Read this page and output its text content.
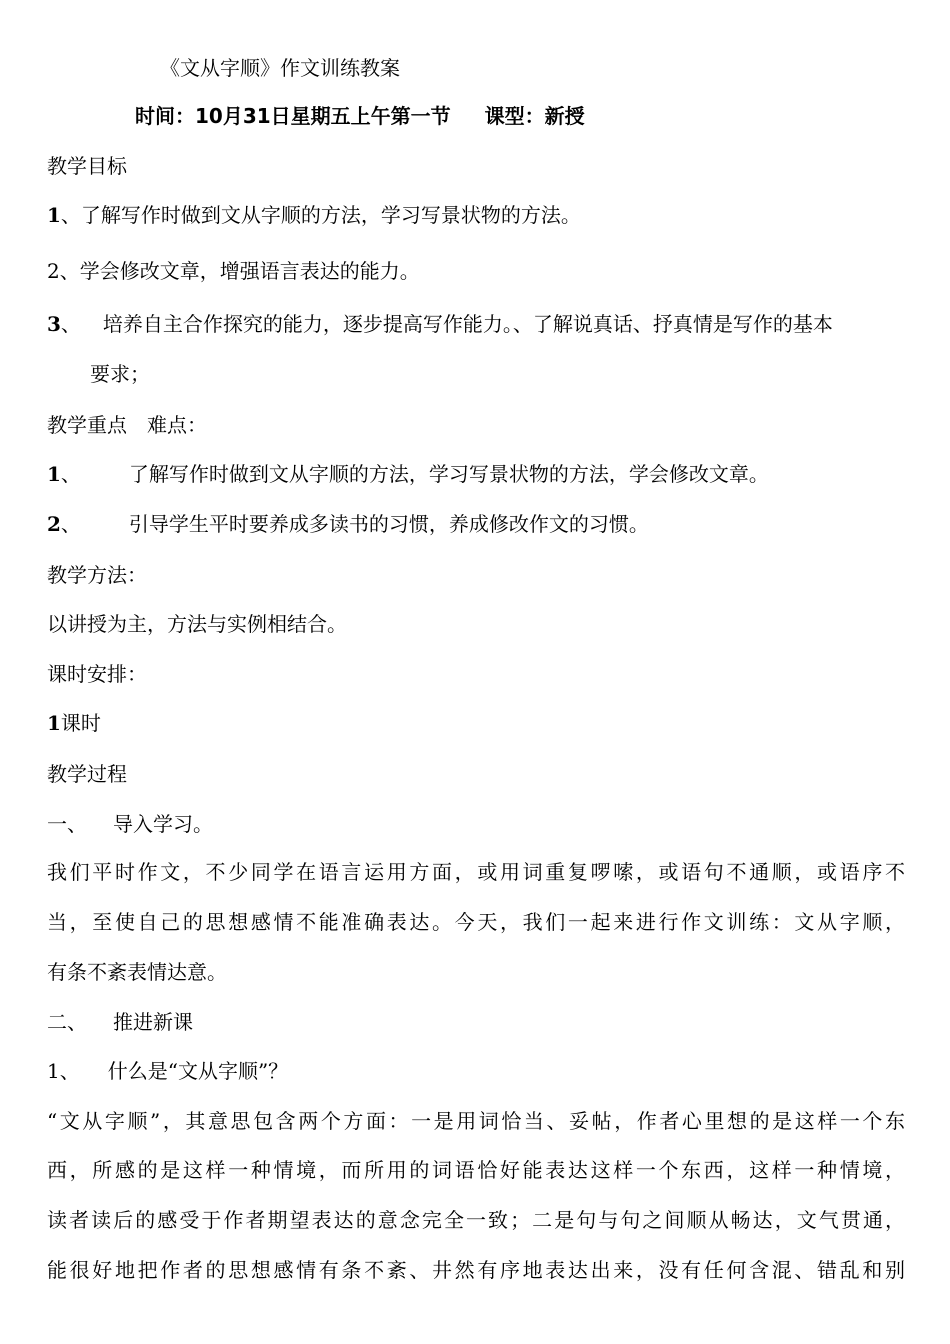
《文从字顺》作文训练教案
时间：10月31日星期五上午第一节 课型：新授
教学目标
1、了解写作时做到文从字顺的方法，学习写景状物的方法。
2、学会修改文章，增强语言表达的能力。
3、 培养自主合作探究的能力，逐步提高写作能力。、了解说真话、抒真情是写作的基本
要求；
教学重点　难点：
1、 了解写作时做到文从字顺的方法，学习写景状物的方法，学会修改文章。
2、 引导学生平时要养成多读书的习惯，养成修改作文的习惯。
教学方法：
以讲授为主，方法与实例相结合。
课时安排：
1课时
教学过程
一、 导入学习。
我们平时作文，不少同学在语言运用方面，或用词重复啰嗦，或语句不通顺，或语序不
当，至使自己的思想感情不能准确表达。今天，我们一起来进行作文训练：文从字顺，
有条不紊表情达意。
二、 推进新课
1、 什么是“文从字顺”？
“文从字顺”，其意思包含两个方面：一是用词恰当、妥帖，作者心里想的是这样一个东
西，所感的是这样一种情境，而所用的词语恰好能表达这样一个东西，这样一种情境，
读者读后的感受于作者期望表达的意念完全一致；二是句与句之间顺从畅达，文气贯通，
能很好地把作者的思想感情有条不紊、井然有序地表达出来，没有任何含混、错乱和别
